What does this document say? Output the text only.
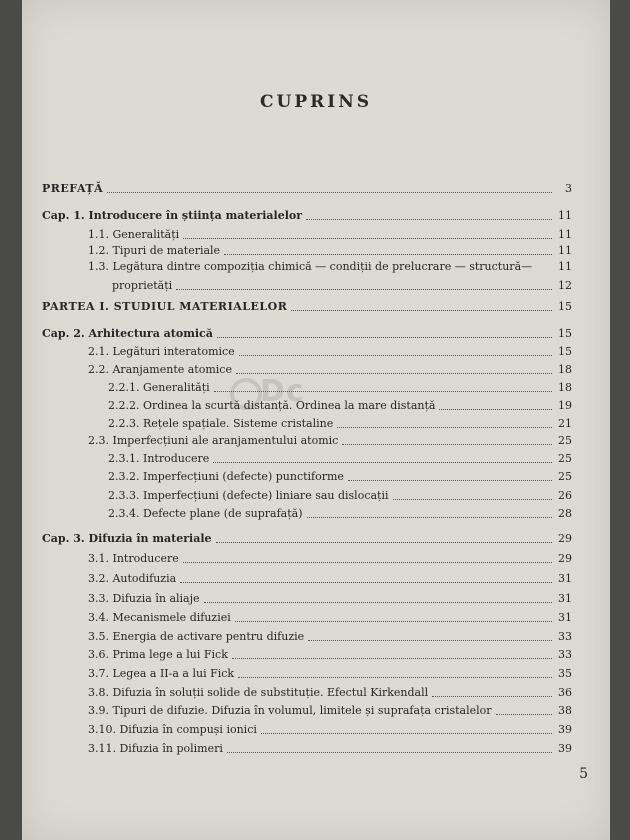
CUPRINS
Dc
PREFAȚĂ	3
Cap. 1. Introducere în știința materialelor	11
1.1. Generalități	11
1.2. Tipuri de materiale	11
1.3. Legătura dintre compoziția chimică — condiții de prelucrare — structură— 11
proprietăți	12
PARTEA I. STUDIUL MATERIALELOR	15
Cap. 2. Arhitectura atomică	15
2.1. Legături interatomice	15
2.2. Aranjamente atomice	18
2.2.1. Generalități	18
2.2.2. Ordinea la scurtă distanță. Ordinea la mare distanță	19
2.2.3. Rețele spațiale. Sisteme cristaline	21
2.3. Imperfecțiuni ale aranjamentului atomic	25
2.3.1. Introducere	25
2.3.2. Imperfecțiuni (defecte) punctiforme	25
2.3.3. Imperfecțiuni (defecte) liniare sau dislocații	26
2.3.4. Defecte plane (de suprafață)	28
Cap. 3. Difuzia în materiale	29
3.1. Introducere	29
3.2. Autodifuzia	31
3.3. Difuzia în aliaje	31
3.4. Mecanismele difuziei	31
3.5. Energia de activare pentru difuzie	33
3.6. Prima lege a lui Fick	33
3.7. Legea a II-a a lui Fick	35
3.8. Difuzia în soluții solide de substituție. Efectul Kirkendall	36
3.9. Tipuri de difuzie. Difuzia în volumul, limitele și suprafața cristalelor	38
3.10. Difuzia în compuși ionici	39
3.11. Difuzia în polimeri	39
5
